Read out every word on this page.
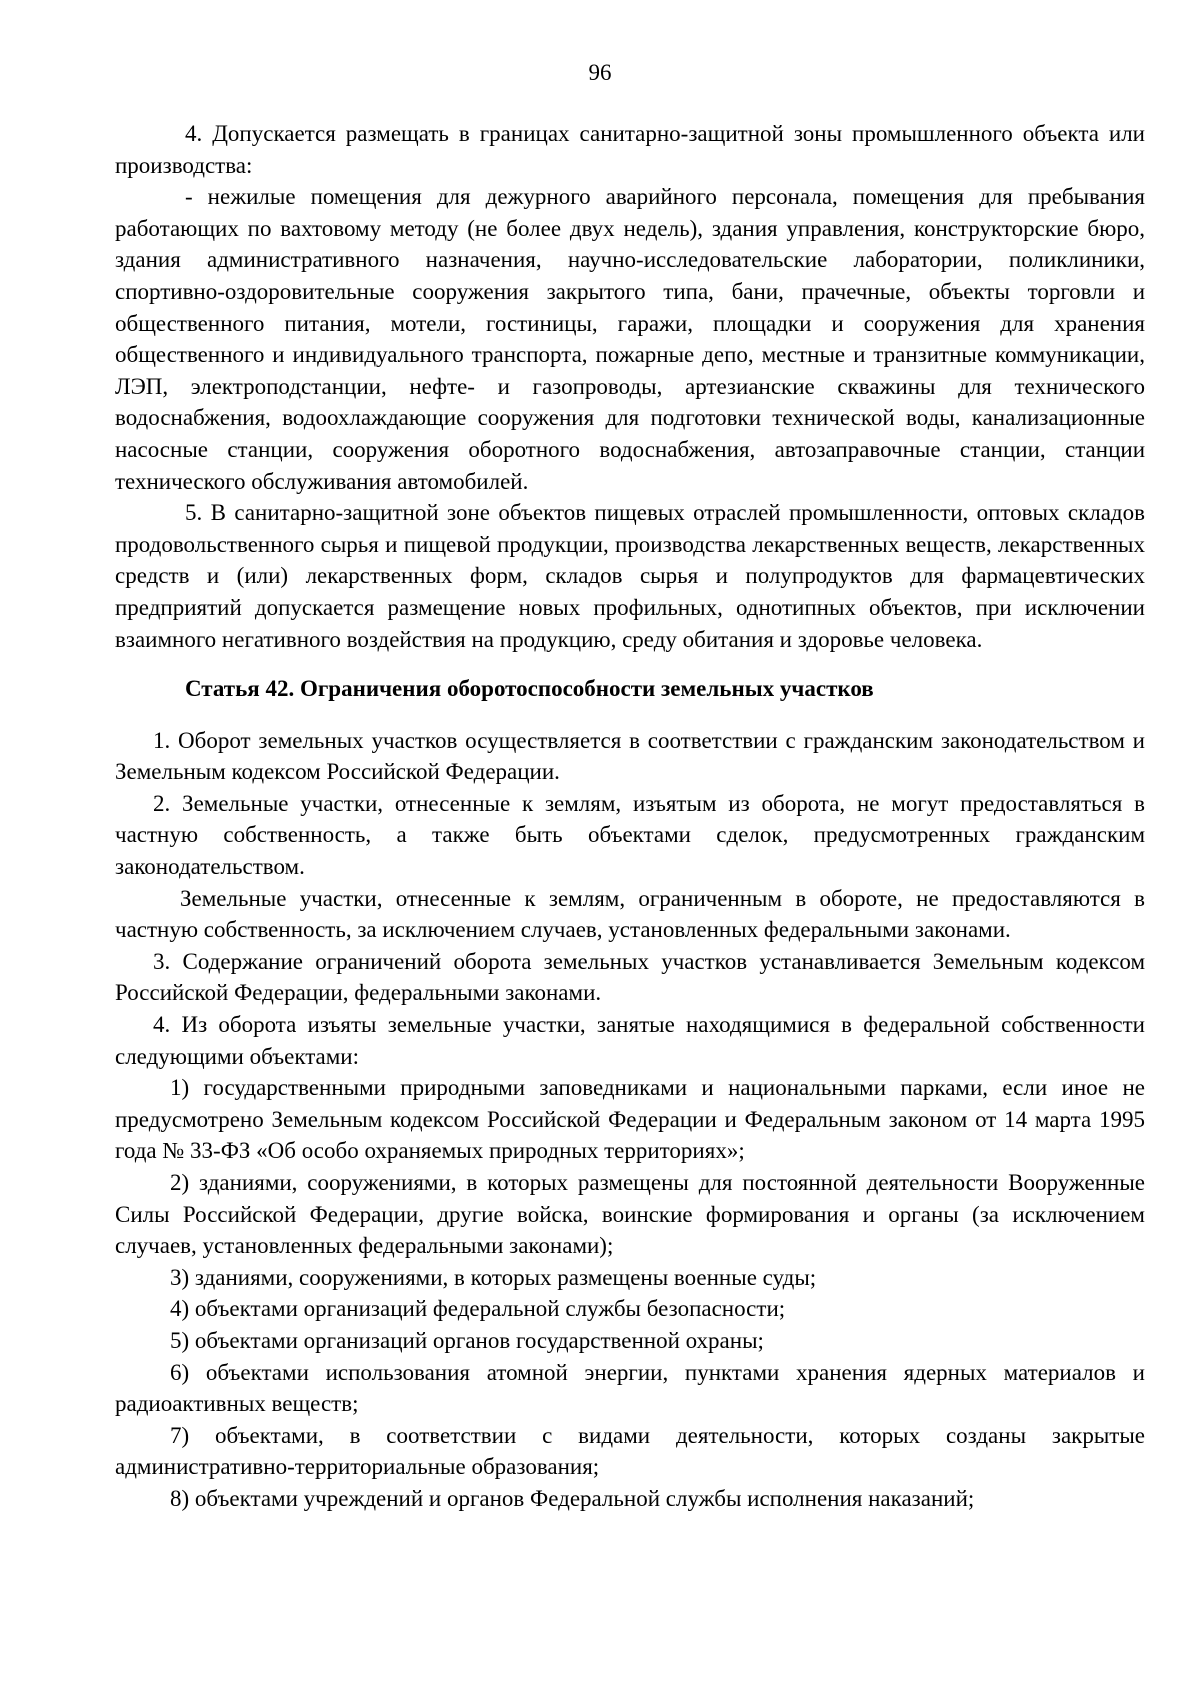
96

4. Допускается размещать в границах санитарно-защитной зоны промышленного объекта или производства:

- нежилые помещения для дежурного аварийного персонала, помещения для пребывания работающих по вахтовому методу (не более двух недель), здания управления, конструкторские бюро, здания административного назначения, научно-исследовательские лаборатории, поликлиники, спортивно-оздоровительные сооружения закрытого типа, бани, прачечные, объекты торговли и общественного питания, мотели, гостиницы, гаражи, площадки и сооружения для хранения общественного и индивидуального транспорта, пожарные депо, местные и транзитные коммуникации, ЛЭП, электроподстанции, нефте- и газопроводы, артезианские скважины для технического водоснабжения, водоохлаждающие сооружения для подготовки технической воды, канализационные насосные станции, сооружения оборотного водоснабжения, автозаправочные станции, станции технического обслуживания автомобилей.

5. В санитарно-защитной зоне объектов пищевых отраслей промышленности, оптовых складов продовольственного сырья и пищевой продукции, производства лекарственных веществ, лекарственных средств и (или) лекарственных форм, складов сырья и полупродуктов для фармацевтических предприятий допускается размещение новых профильных, однотипных объектов, при исключении взаимного негативного воздействия на продукцию, среду обитания и здоровье человека.

Статья 42. Ограничения оборотоспособности земельных участков

1. Оборот земельных участков осуществляется в соответствии с гражданским законодательством и Земельным кодексом Российской Федерации.

2. Земельные участки, отнесенные к землям, изъятым из оборота, не могут предоставляться в частную собственность, а также быть объектами сделок, предусмотренных гражданским законодательством.

Земельные участки, отнесенные к землям, ограниченным в обороте, не предоставляются в частную собственность, за исключением случаев, установленных федеральными законами.

3. Содержание ограничений оборота земельных участков устанавливается Земельным кодексом Российской Федерации, федеральными законами.

4. Из оборота изъяты земельные участки, занятые находящимися в федеральной собственности следующими объектами:

1) государственными природными заповедниками и национальными парками, если иное не предусмотрено Земельным кодексом Российской Федерации и Федеральным законом от 14 марта 1995 года № 33-ФЗ «Об особо охраняемых природных территориях»;

2) зданиями, сооружениями, в которых размещены для постоянной деятельности Вооруженные Силы Российской Федерации, другие войска, воинские формирования и органы (за исключением случаев, установленных федеральными законами);

3) зданиями, сооружениями, в которых размещены военные суды;

4) объектами организаций федеральной службы безопасности;

5) объектами организаций органов государственной охраны;

6) объектами использования атомной энергии, пунктами хранения ядерных материалов и радиоактивных веществ;

7) объектами, в соответствии с видами деятельности, которых созданы закрытые административно-территориальные образования;

8) объектами учреждений и органов Федеральной службы исполнения наказаний;
